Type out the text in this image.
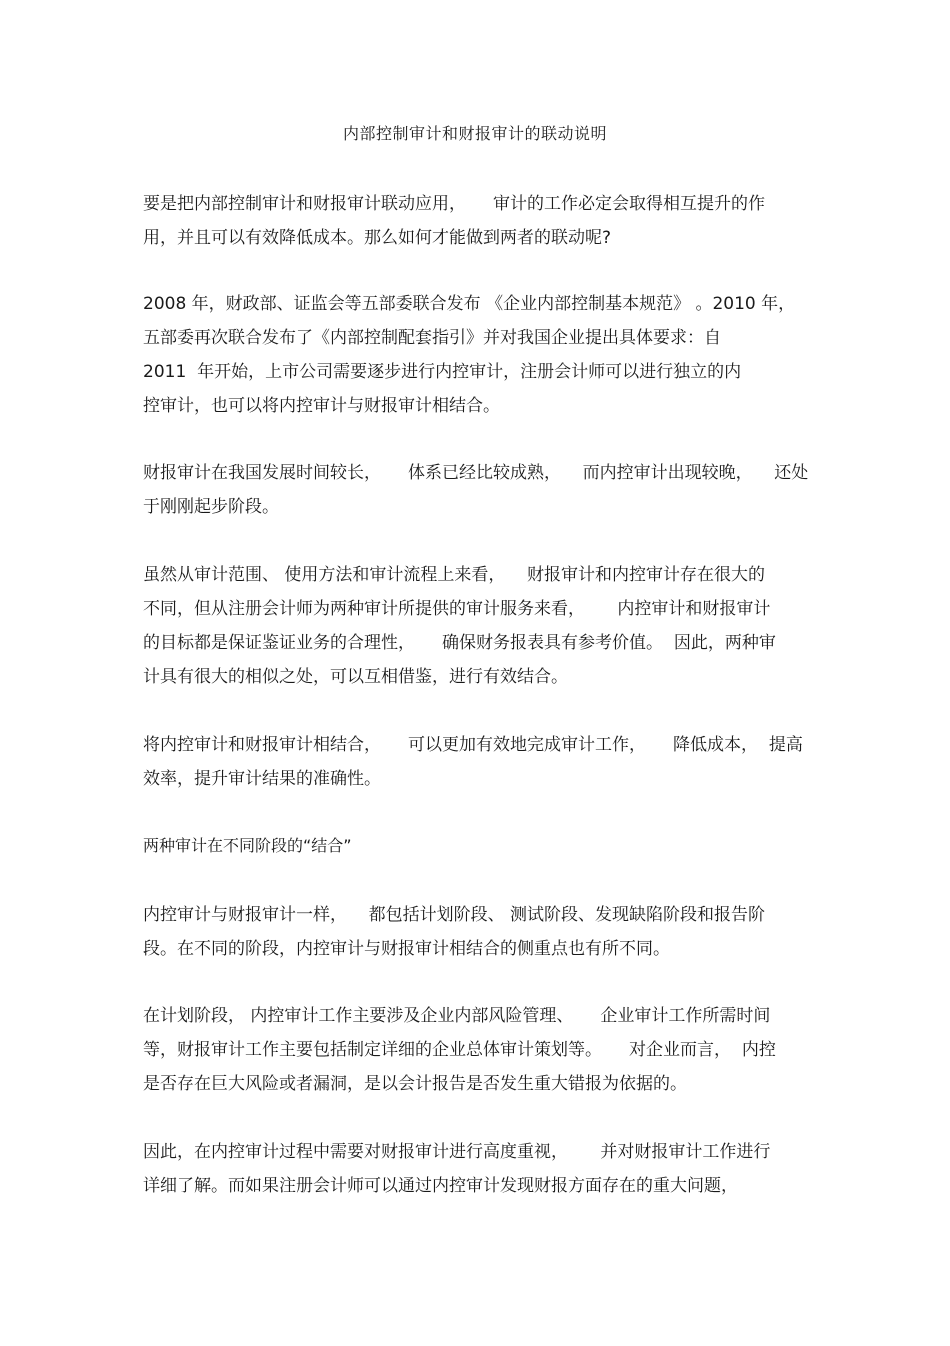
内部控制审计和财报审计的联动说明
要是把内部控制审计和财报审计联动应用，     审计的工作必定会取得相互提升的作
用，并且可以有效降低成本。那么如何才能做到两者的联动呢?
2008 年，财政部、证监会等五部委联合发布 《企业内部控制基本规范》 。2010 年，
五部委再次联合发布了《内部控制配套指引》并对我国企业提出具体要求：自
2011  年开始，上市公司需要逐步进行内控审计，注册会计师可以进行独立的内
控审计，也可以将内控审计与财报审计相结合。
财报审计在我国发展时间较长，     体系已经比较成熟，    而内控审计出现较晚，    还处
于刚刚起步阶段。
虽然从审计范围、 使用方法和审计流程上来看，    财报审计和内控审计存在很大的
不同，但从注册会计师为两种审计所提供的审计服务来看，      内控审计和财报审计
的目标都是保证鉴证业务的合理性，     确保财务报表具有参考价值。  因此，两种审
计具有很大的相似之处，可以互相借鉴，进行有效结合。
将内控审计和财报审计相结合，     可以更加有效地完成审计工作，     降低成本，  提高
效率，提升审计结果的准确性。
两种审计在不同阶段的“结合”
内控审计与财报审计一样，    都包括计划阶段、 测试阶段、发现缺陷阶段和报告阶
段。在不同的阶段，内控审计与财报审计相结合的侧重点也有所不同。
在计划阶段， 内控审计工作主要涉及企业内部风险管理、     企业审计工作所需时间
等，财报审计工作主要包括制定详细的企业总体审计策划等。     对企业而言，  内控
是否存在巨大风险或者漏洞，是以会计报告是否发生重大错报为依据的。
因此，在内控审计过程中需要对财报审计进行高度重视，      并对财报审计工作进行
详细了解。而如果注册会计师可以通过内控审计发现财报方面存在的重大问题，
